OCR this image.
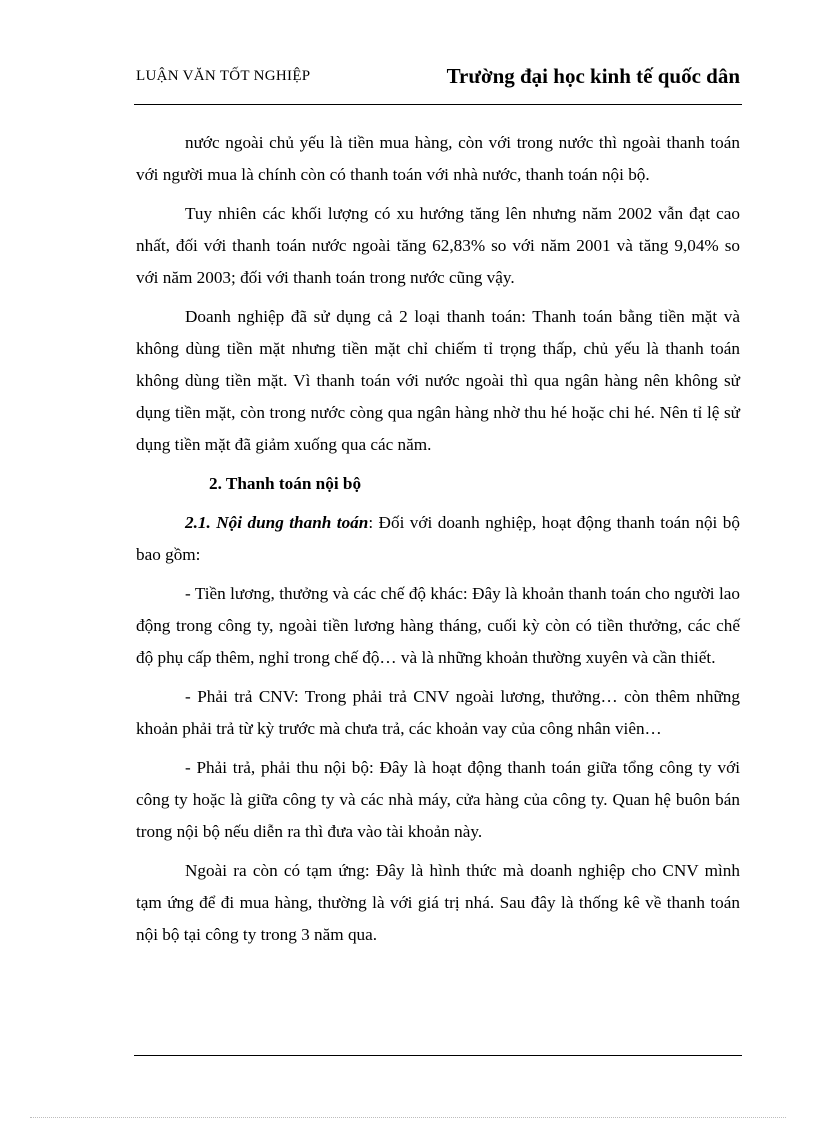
LUẬN VĂN TỐT NGHIỆP	Trường đại học kinh tế quốc dân

nước ngoài chủ yếu là tiền mua hàng, còn với trong nước thì ngoài thanh toán với người mua là chính còn có thanh toán với nhà nước, thanh toán nội bộ.

Tuy nhiên các khối lượng có xu hướng tăng lên nhưng năm 2002 vẫn đạt cao nhất, đối với thanh toán nước ngoài tăng 62,83% so với năm 2001 và tăng 9,04% so với năm 2003; đối với thanh toán trong nước cũng vậy.

Doanh nghiệp đã sử dụng cả 2 loại thanh toán: Thanh toán bằng tiền mặt và không dùng tiền mặt nhưng tiền mặt chỉ chiếm tỉ trọng thấp, chủ yếu là thanh toán không dùng tiền mặt. Vì thanh toán với nước ngoài thì qua ngân hàng nên không sử dụng tiền mặt, còn trong nước còng qua ngân hàng nhờ thu hé hoặc chi hé. Nên tỉ lệ sử dụng tiền mặt đã giảm xuống qua các năm.

2. Thanh toán nội bộ

2.1. Nội dung thanh toán: Đối với doanh nghiệp, hoạt động thanh toán nội bộ bao gồm:

- Tiền lương, thưởng và các chế độ khác: Đây là khoản thanh toán cho người lao động trong công ty, ngoài tiền lương hàng tháng, cuối kỳ còn có tiền thưởng, các chế độ phụ cấp thêm, nghỉ trong chế độ… và là những khoản thường xuyên và cần thiết.

- Phải trả CNV: Trong phải trả CNV ngoài lương, thưởng… còn thêm những khoản phải trả từ kỳ trước mà chưa trả, các khoản vay của công nhân viên…

- Phải trả, phải thu nội bộ: Đây là hoạt động thanh toán giữa tổng công ty với công ty hoặc là giữa công ty và các nhà máy, cửa hàng của công ty. Quan hệ buôn bán trong nội bộ nếu diễn ra thì đưa vào tài khoản này.

Ngoài ra còn có tạm ứng: Đây là hình thức mà doanh nghiệp cho CNV mình tạm ứng để đi mua hàng, thường là với giá trị nhá. Sau đây là thống kê về thanh toán nội bộ tại công ty trong 3 năm qua.
